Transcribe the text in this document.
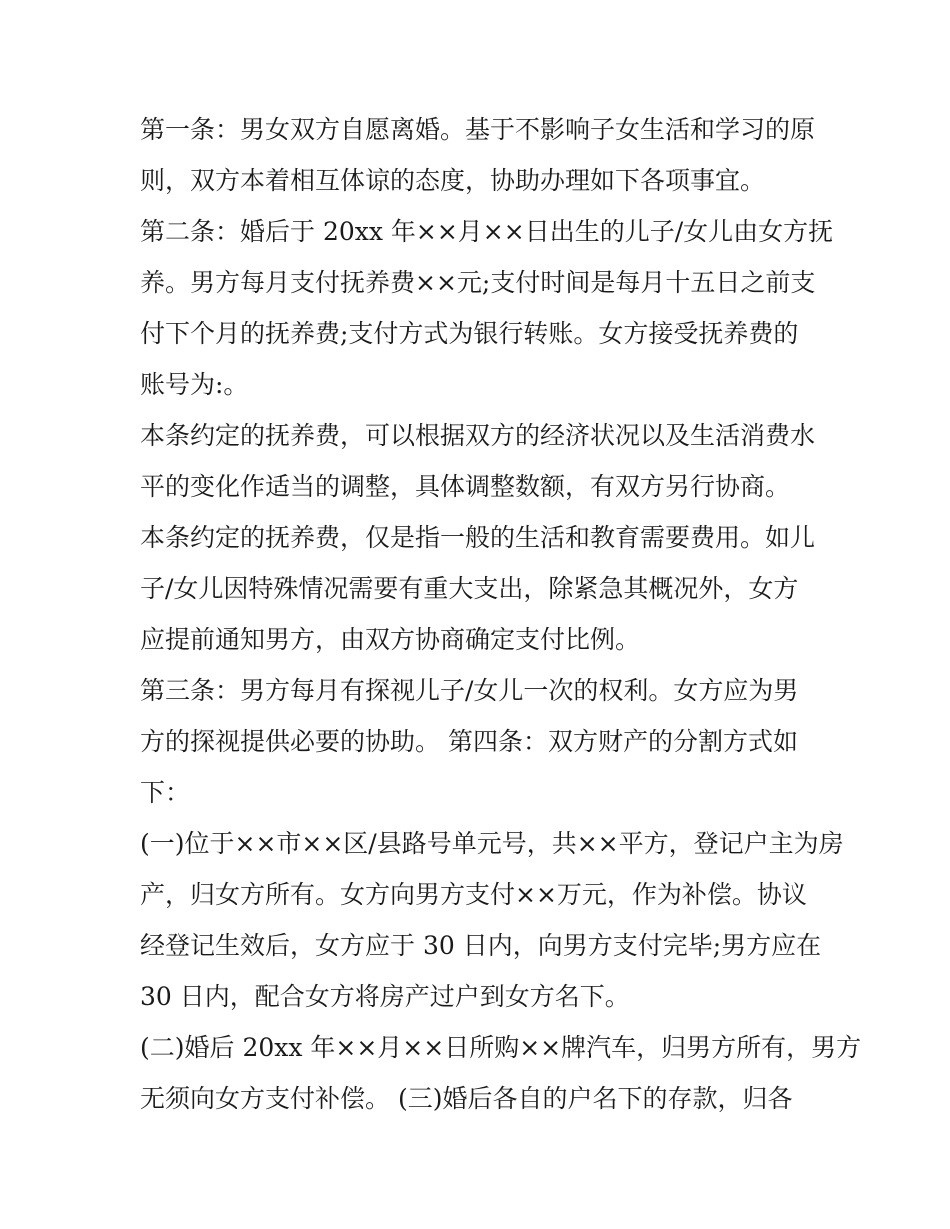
第一条：男女双方自愿离婚。基于不影响子女生活和学习的原
则，双方本着相互体谅的态度，协助办理如下各项事宜。
第二条：婚后于 20xx 年××月××日出生的儿子/女儿由女方抚
养。男方每月支付抚养费××元;支付时间是每月十五日之前支
付下个月的抚养费;支付方式为银行转账。女方接受抚养费的
账号为:。
本条约定的抚养费，可以根据双方的经济状况以及生活消费水
平的变化作适当的调整，具体调整数额，有双方另行协商。
本条约定的抚养费，仅是指一般的生活和教育需要费用。如儿
子/女儿因特殊情况需要有重大支出，除紧急其概况外，女方
应提前通知男方，由双方协商确定支付比例。
第三条：男方每月有探视儿子/女儿一次的权利。女方应为男
方的探视提供必要的协助。 第四条：双方财产的分割方式如
下：
(一)位于××市××区/县路号单元号，共××平方，登记户主为房
产，归女方所有。女方向男方支付××万元，作为补偿。协议
经登记生效后，女方应于 30 日内，向男方支付完毕;男方应在
30 日内，配合女方将房产过户到女方名下。
(二)婚后 20xx 年××月××日所购××牌汽车，归男方所有，男方
无须向女方支付补偿。 (三)婚后各自的户名下的存款，归各
